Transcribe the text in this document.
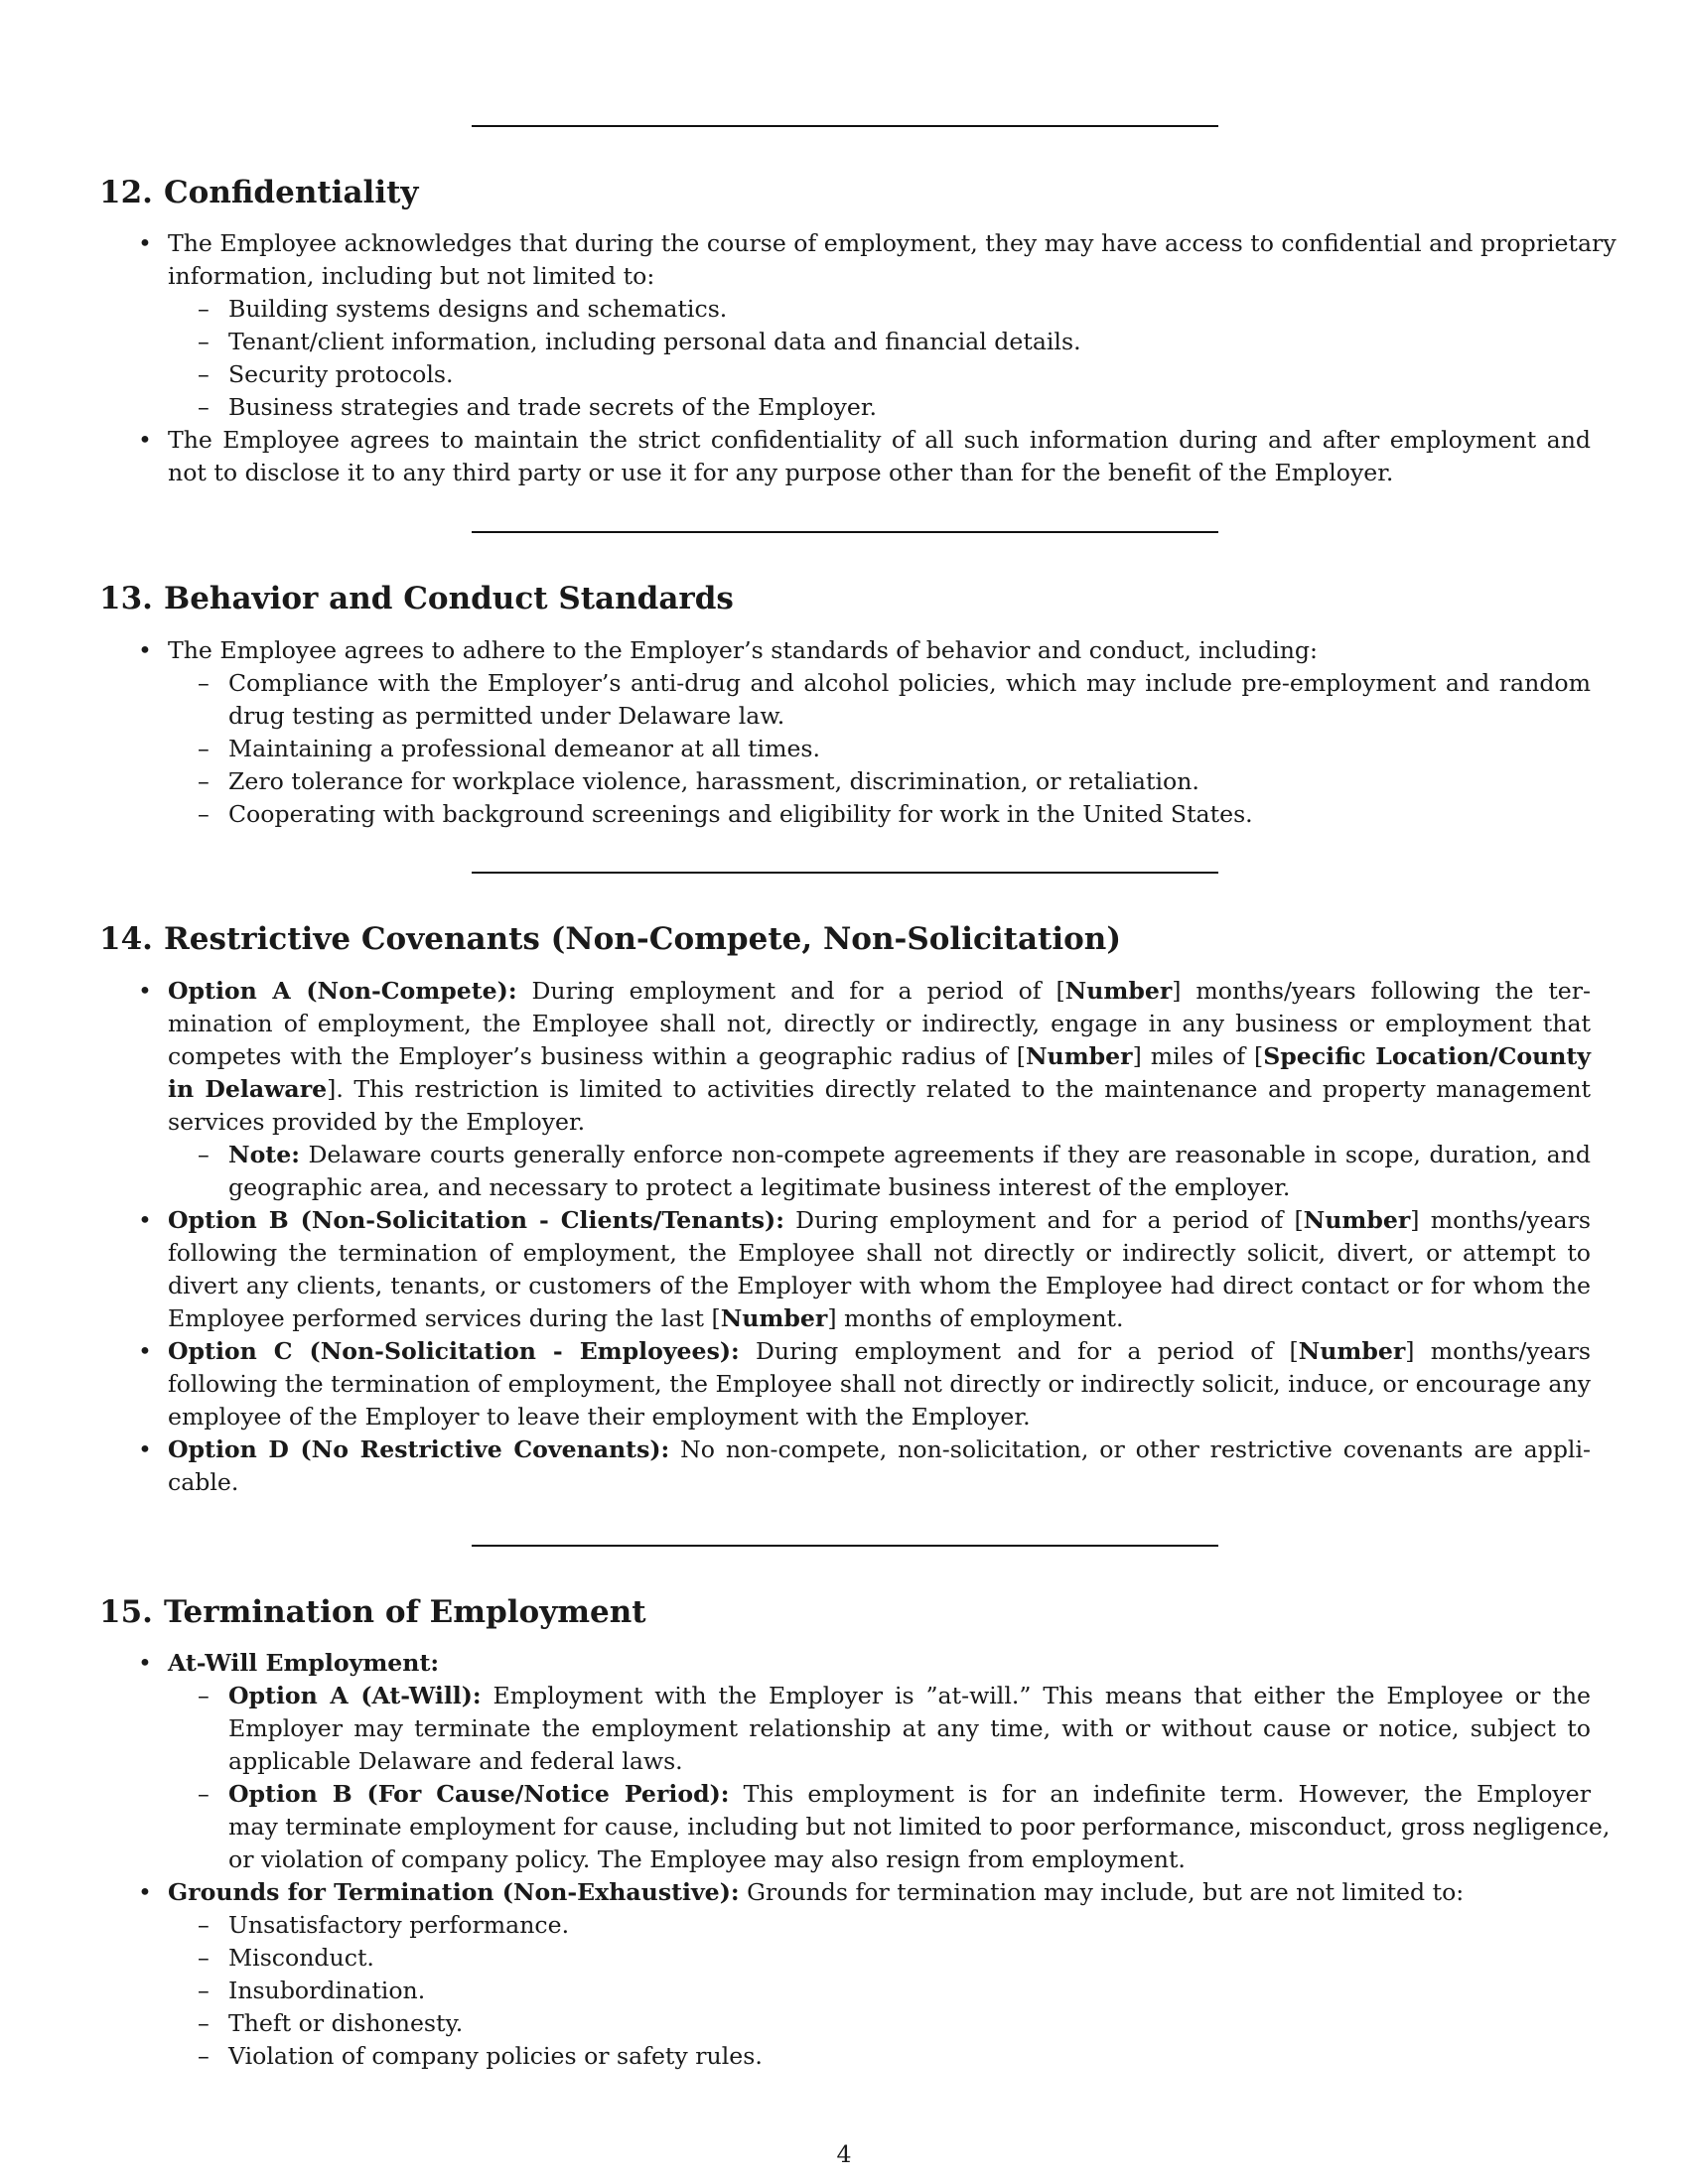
12. Confidentiality
• The Employee acknowledges that during the course of employment, they may have access to confidential and proprietary
information, including but not limited to:
– Building systems designs and schematics.
– Tenant/client information, including personal data and financial details.
– Security protocols.
– Business strategies and trade secrets of the Employer.
• The Employee agrees to maintain the strict confidentiality of all such information during and after employment and
not to disclose it to any third party or use it for any purpose other than for the benefit of the Employer.
13. Behavior and Conduct Standards
• The Employee agrees to adhere to the Employer’s standards of behavior and conduct, including:
– Compliance with the Employer’s anti-drug and alcohol policies, which may include pre-employment and random
drug testing as permitted under Delaware law.
– Maintaining a professional demeanor at all times.
– Zero tolerance for workplace violence, harassment, discrimination, or retaliation.
– Cooperating with background screenings and eligibility for work in the United States.
14. Restrictive Covenants (Non-Compete, Non-Solicitation)
• Option A (Non-Compete): During employment and for a period of [Number] months/years following the ter-
mination of employment, the Employee shall not, directly or indirectly, engage in any business or employment that
competes with the Employer’s business within a geographic radius of [Number] miles of [Specific Location/County
in Delaware]. This restriction is limited to activities directly related to the maintenance and property management
services provided by the Employer.
– Note: Delaware courts generally enforce non-compete agreements if they are reasonable in scope, duration, and
geographic area, and necessary to protect a legitimate business interest of the employer.
• Option B (Non-Solicitation - Clients/Tenants): During employment and for a period of [Number] months/years
following the termination of employment, the Employee shall not directly or indirectly solicit, divert, or attempt to
divert any clients, tenants, or customers of the Employer with whom the Employee had direct contact or for whom the
Employee performed services during the last [Number] months of employment.
• Option C (Non-Solicitation - Employees): During employment and for a period of [Number] months/years
following the termination of employment, the Employee shall not directly or indirectly solicit, induce, or encourage any
employee of the Employer to leave their employment with the Employer.
• Option D (No Restrictive Covenants): No non-compete, non-solicitation, or other restrictive covenants are appli-
cable.
15. Termination of Employment
• At-Will Employment:
– Option A (At-Will): Employment with the Employer is ”at-will.” This means that either the Employee or the
Employer may terminate the employment relationship at any time, with or without cause or notice, subject to
applicable Delaware and federal laws.
– Option B (For Cause/Notice Period): This employment is for an indefinite term. However, the Employer
may terminate employment for cause, including but not limited to poor performance, misconduct, gross negligence,
or violation of company policy. The Employee may also resign from employment.
• Grounds for Termination (Non-Exhaustive): Grounds for termination may include, but are not limited to:
– Unsatisfactory performance.
– Misconduct.
– Insubordination.
– Theft or dishonesty.
– Violation of company policies or safety rules.
4
